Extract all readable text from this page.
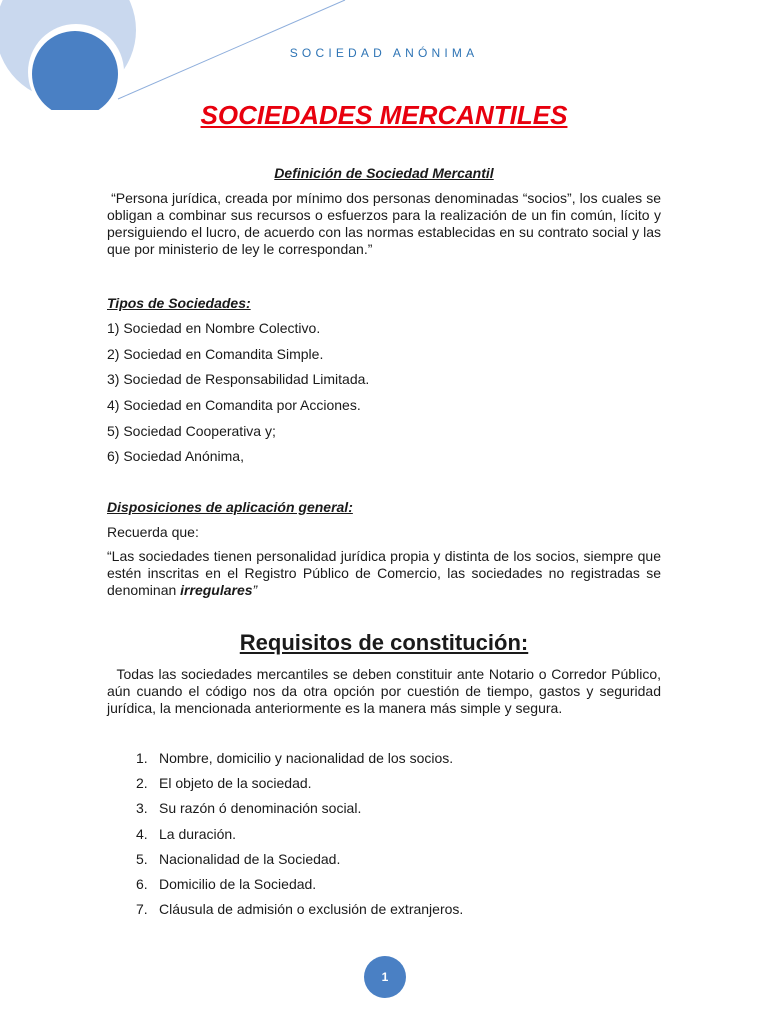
SOCIEDAD ANÓNIMA
SOCIEDADES MERCANTILES
Definición de Sociedad Mercantil
“Persona jurídica, creada por mínimo dos personas denominadas “socios”, los cuales se obligan a combinar sus recursos o esfuerzos para la realización de un fin común, lícito y persiguiendo el lucro, de acuerdo con las normas establecidas en su contrato social y las que por ministerio de ley le correspondan.”
Tipos de Sociedades:
1) Sociedad en Nombre Colectivo.
2) Sociedad en Comandita Simple.
3) Sociedad de Responsabilidad Limitada.
4) Sociedad en Comandita por Acciones.
5) Sociedad Cooperativa y;
6) Sociedad Anónima,
Disposiciones de aplicación general:
Recuerda que:
“Las sociedades tienen personalidad jurídica propia y distinta de los socios, siempre que estén inscritas en el Registro Público de Comercio, las sociedades no registradas se denominan irregulares”
Requisitos de constitución:
Todas las sociedades mercantiles se deben constituir ante Notario o Corredor Público, aún cuando el código nos da otra opción por cuestión de tiempo, gastos y seguridad jurídica, la mencionada anteriormente es la manera más simple y segura.
1. Nombre, domicilio y nacionalidad de los socios.
2. El objeto de la sociedad.
3. Su razón ó denominación social.
4. La duración.
5. Nacionalidad de la Sociedad.
6. Domicilio de la Sociedad.
7. Cláusula de admisión o exclusión de extranjeros.
1
